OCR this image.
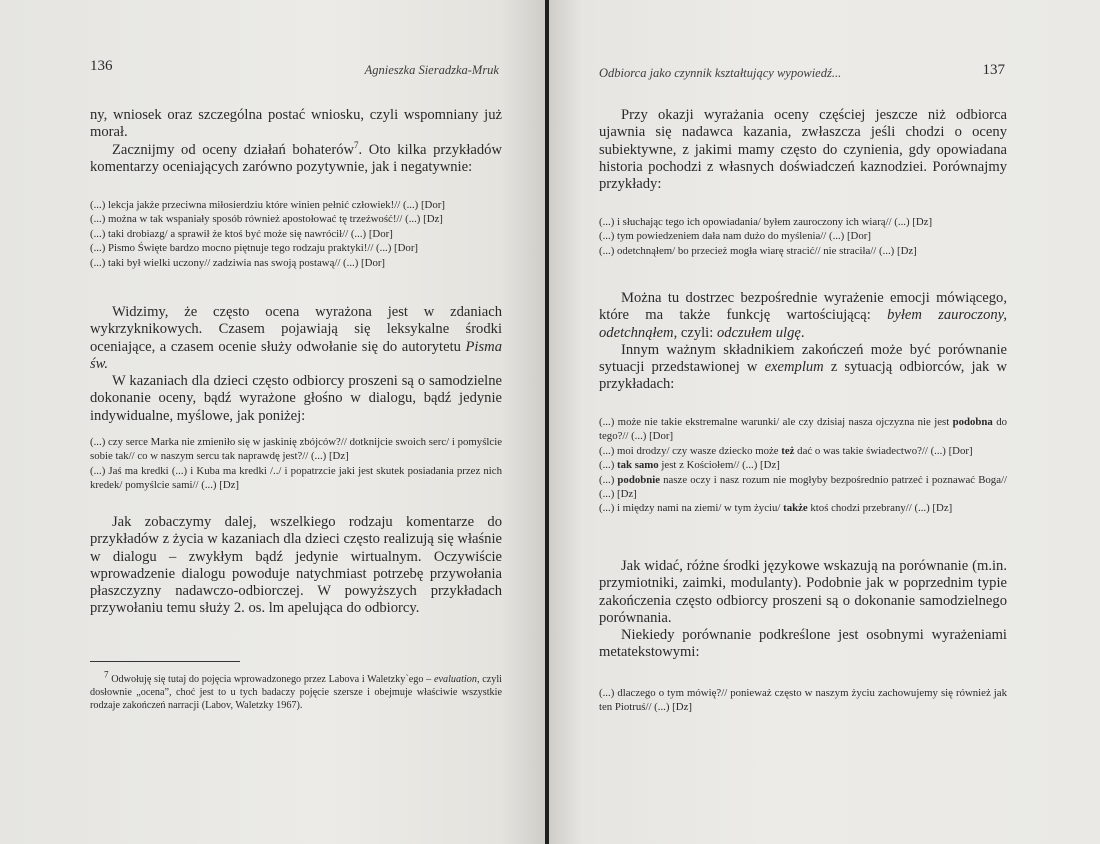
136	Agnieszka Sieradzka-Mruk

ny, wniosek oraz szczególna postać wniosku, czyli wspomniany już morał.

Zacznijmy od oceny działań bohaterów$^7$. Oto kilka przykładów komentarzy oceniających zarówno pozytywnie, jak i negatywnie:

(...) lekcja jakże przeciwna miłosierdziu które winien pełnić człowiek!// (...) [Dor]
(...) można w tak wspaniały sposób również apostołować tę trzeźwość!// (...) [Dz]
(...) taki drobiazg/ a sprawił że ktoś być może się nawrócił// (...) [Dor]
(...) Pismo Święte bardzo mocno piętnuje tego rodzaju praktyki!// (...) [Dor]
(...) taki był wielki uczony// zadziwia nas swoją postawą// (...) [Dor]

Widzimy, że często ocena wyrażona jest w zdaniach wykrzyknikowych. Czasem pojawiają się leksykalne środki oceniające, a czasem ocenie służy odwołanie się do autorytetu Pisma św.

W kazaniach dla dzieci często odbiorcy proszeni są o samodzielne dokonanie oceny, bądź wyrażone głośno w dialogu, bądź jedynie indywidualne, myślowe, jak poniżej:

(...) czy serce Marka nie zmieniło się w jaskinię zbójców?// dotknijcie swoich serc/ i pomyślcie sobie tak// co w naszym sercu tak naprawdę jest?// (...) [Dz]
(...) Jaś ma kredki (...) i Kuba ma kredki /../ i popatrzcie jaki jest skutek posiadania przez nich kredek/ pomyślcie sami// (...) [Dz]

Jak zobaczymy dalej, wszelkiego rodzaju komentarze do przykładów z życia w kazaniach dla dzieci często realizują się właśnie w dialogu – zwykłym bądź jedynie wirtualnym. Oczywiście wprowadzenie dialogu powoduje natychmiast potrzebę przywołania płaszczyzny nadawczo-odbiorczej. W powyższych przykładach przywołaniu temu służy 2. os. lm apelująca do odbiorcy.

$^7$ Odwołuję się tutaj do pojęcia wprowadzonego przez Labova i Waletzky`ego – evaluation, czyli dosłownie „ocena”, choć jest to u tych badaczy pojęcie szersze i obejmuje właściwie wszystkie rodzaje zakończeń narracji (Labov, Waletzky 1967).

Odbiorca jako czynnik kształtujący wypowiedź...	137

Przy okazji wyrażania oceny częściej jeszcze niż odbiorca ujawnia się nadawca kazania, zwłaszcza jeśli chodzi o oceny subiektywne, z jakimi mamy często do czynienia, gdy opowiadana historia pochodzi z własnych doświadczeń kaznodziei. Porównajmy przykłady:

(...) i słuchając tego ich opowiadania/ byłem zauroczony ich wiarą// (...) [Dz]
(...) tym powiedzeniem dała nam dużo do myślenia// (...) [Dor]
(...) odetchnąłem/ bo przecież mogła wiarę stracić// nie straciła// (...) [Dz]

Można tu dostrzec bezpośrednie wyrażenie emocji mówiącego, które ma także funkcję wartościującą: byłem zauroczony, odetchnąłem, czyli: odczułem ulgę.

Innym ważnym składnikiem zakończeń może być porównanie sytuacji przedstawionej w exemplum z sytuacją odbiorców, jak w przykładach:

(...) może nie takie ekstremalne warunki/ ale czy dzisiaj nasza ojczyzna nie jest podobna do tego?// (...) [Dor]
(...) moi drodzy/ czy wasze dziecko może też dać o was takie świadectwo?// (...) [Dor]
(...) tak samo jest z Kościołem// (...) [Dz]
(...) podobnie nasze oczy i nasz rozum nie mogłyby bezpośrednio patrzeć i poznawać Boga// (...) [Dz]
(...) i między nami na ziemi/ w tym życiu/ także ktoś chodzi przebrany// (...) [Dz]

Jak widać, różne środki językowe wskazują na porównanie (m.in. przymiotniki, zaimki, modulanty). Podobnie jak w poprzednim typie zakończenia często odbiorcy proszeni są o dokonanie samodzielnego porównania.

Niekiedy porównanie podkreślone jest osobnymi wyrażeniami metatekstowymi:

(...) dlaczego o tym mówię?// ponieważ często w naszym życiu zachowujemy się również jak ten Piotruś// (...) [Dz]
